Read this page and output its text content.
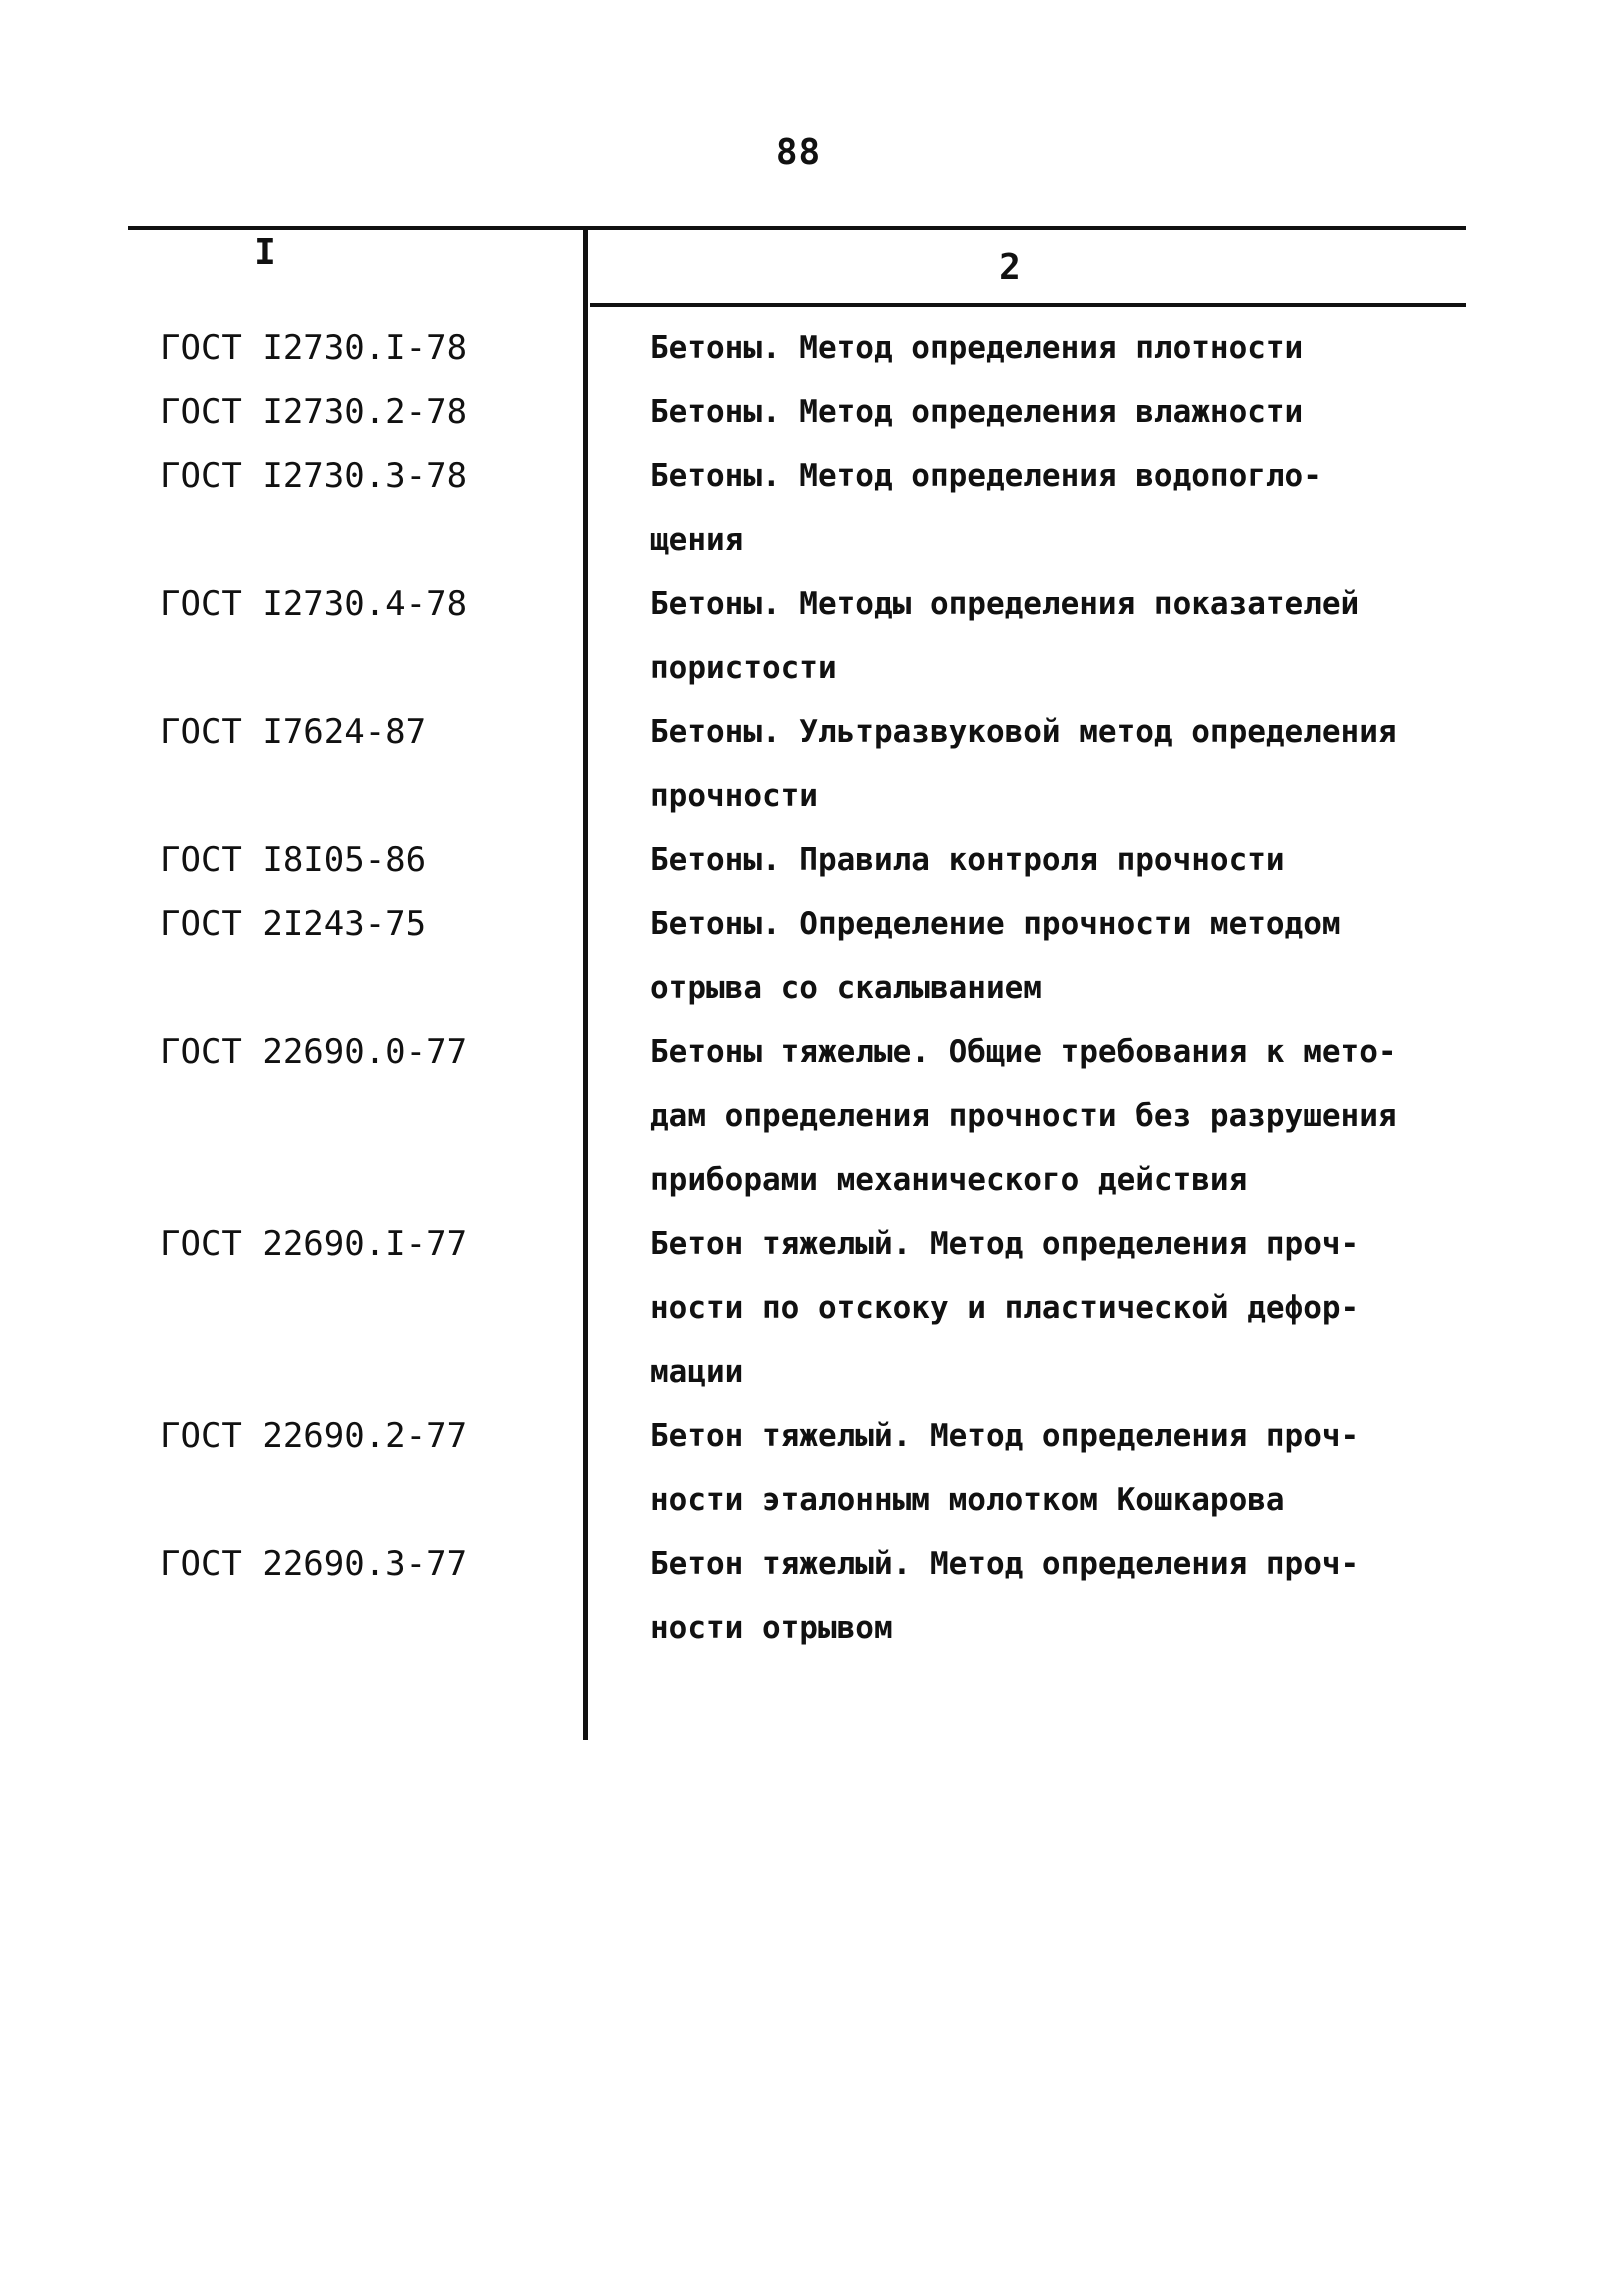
88
I	2
ГОСТ I2730.I-78	Бетоны. Метод определения плотности
ГОСТ I2730.2-78	Бетоны. Метод определения влажности
ГОСТ I2730.3-78	Бетоны. Метод определения водопогло-
щения
ГОСТ I2730.4-78	Бетоны. Методы определения показателей
пористости
ГОСТ I7624-87	Бетоны. Ультразвуковой метод определения
прочности
ГОСТ I8I05-86	Бетоны. Правила контроля прочности
ГОСТ 2I243-75	Бетоны. Определение прочности методом
отрыва со скалыванием
ГОСТ 22690.0-77	Бетоны тяжелые. Общие требования к мето-
дам определения прочности без разрушения
приборами механического действия
ГОСТ 22690.I-77	Бетон тяжелый. Метод определения проч-
ности по отскоку и пластической дефор-
мации
ГОСТ 22690.2-77	Бетон тяжелый. Метод определения проч-
ности эталонным молотком Кошкарова
ГОСТ 22690.3-77	Бетон тяжелый. Метод определения проч-
ности отрывом
